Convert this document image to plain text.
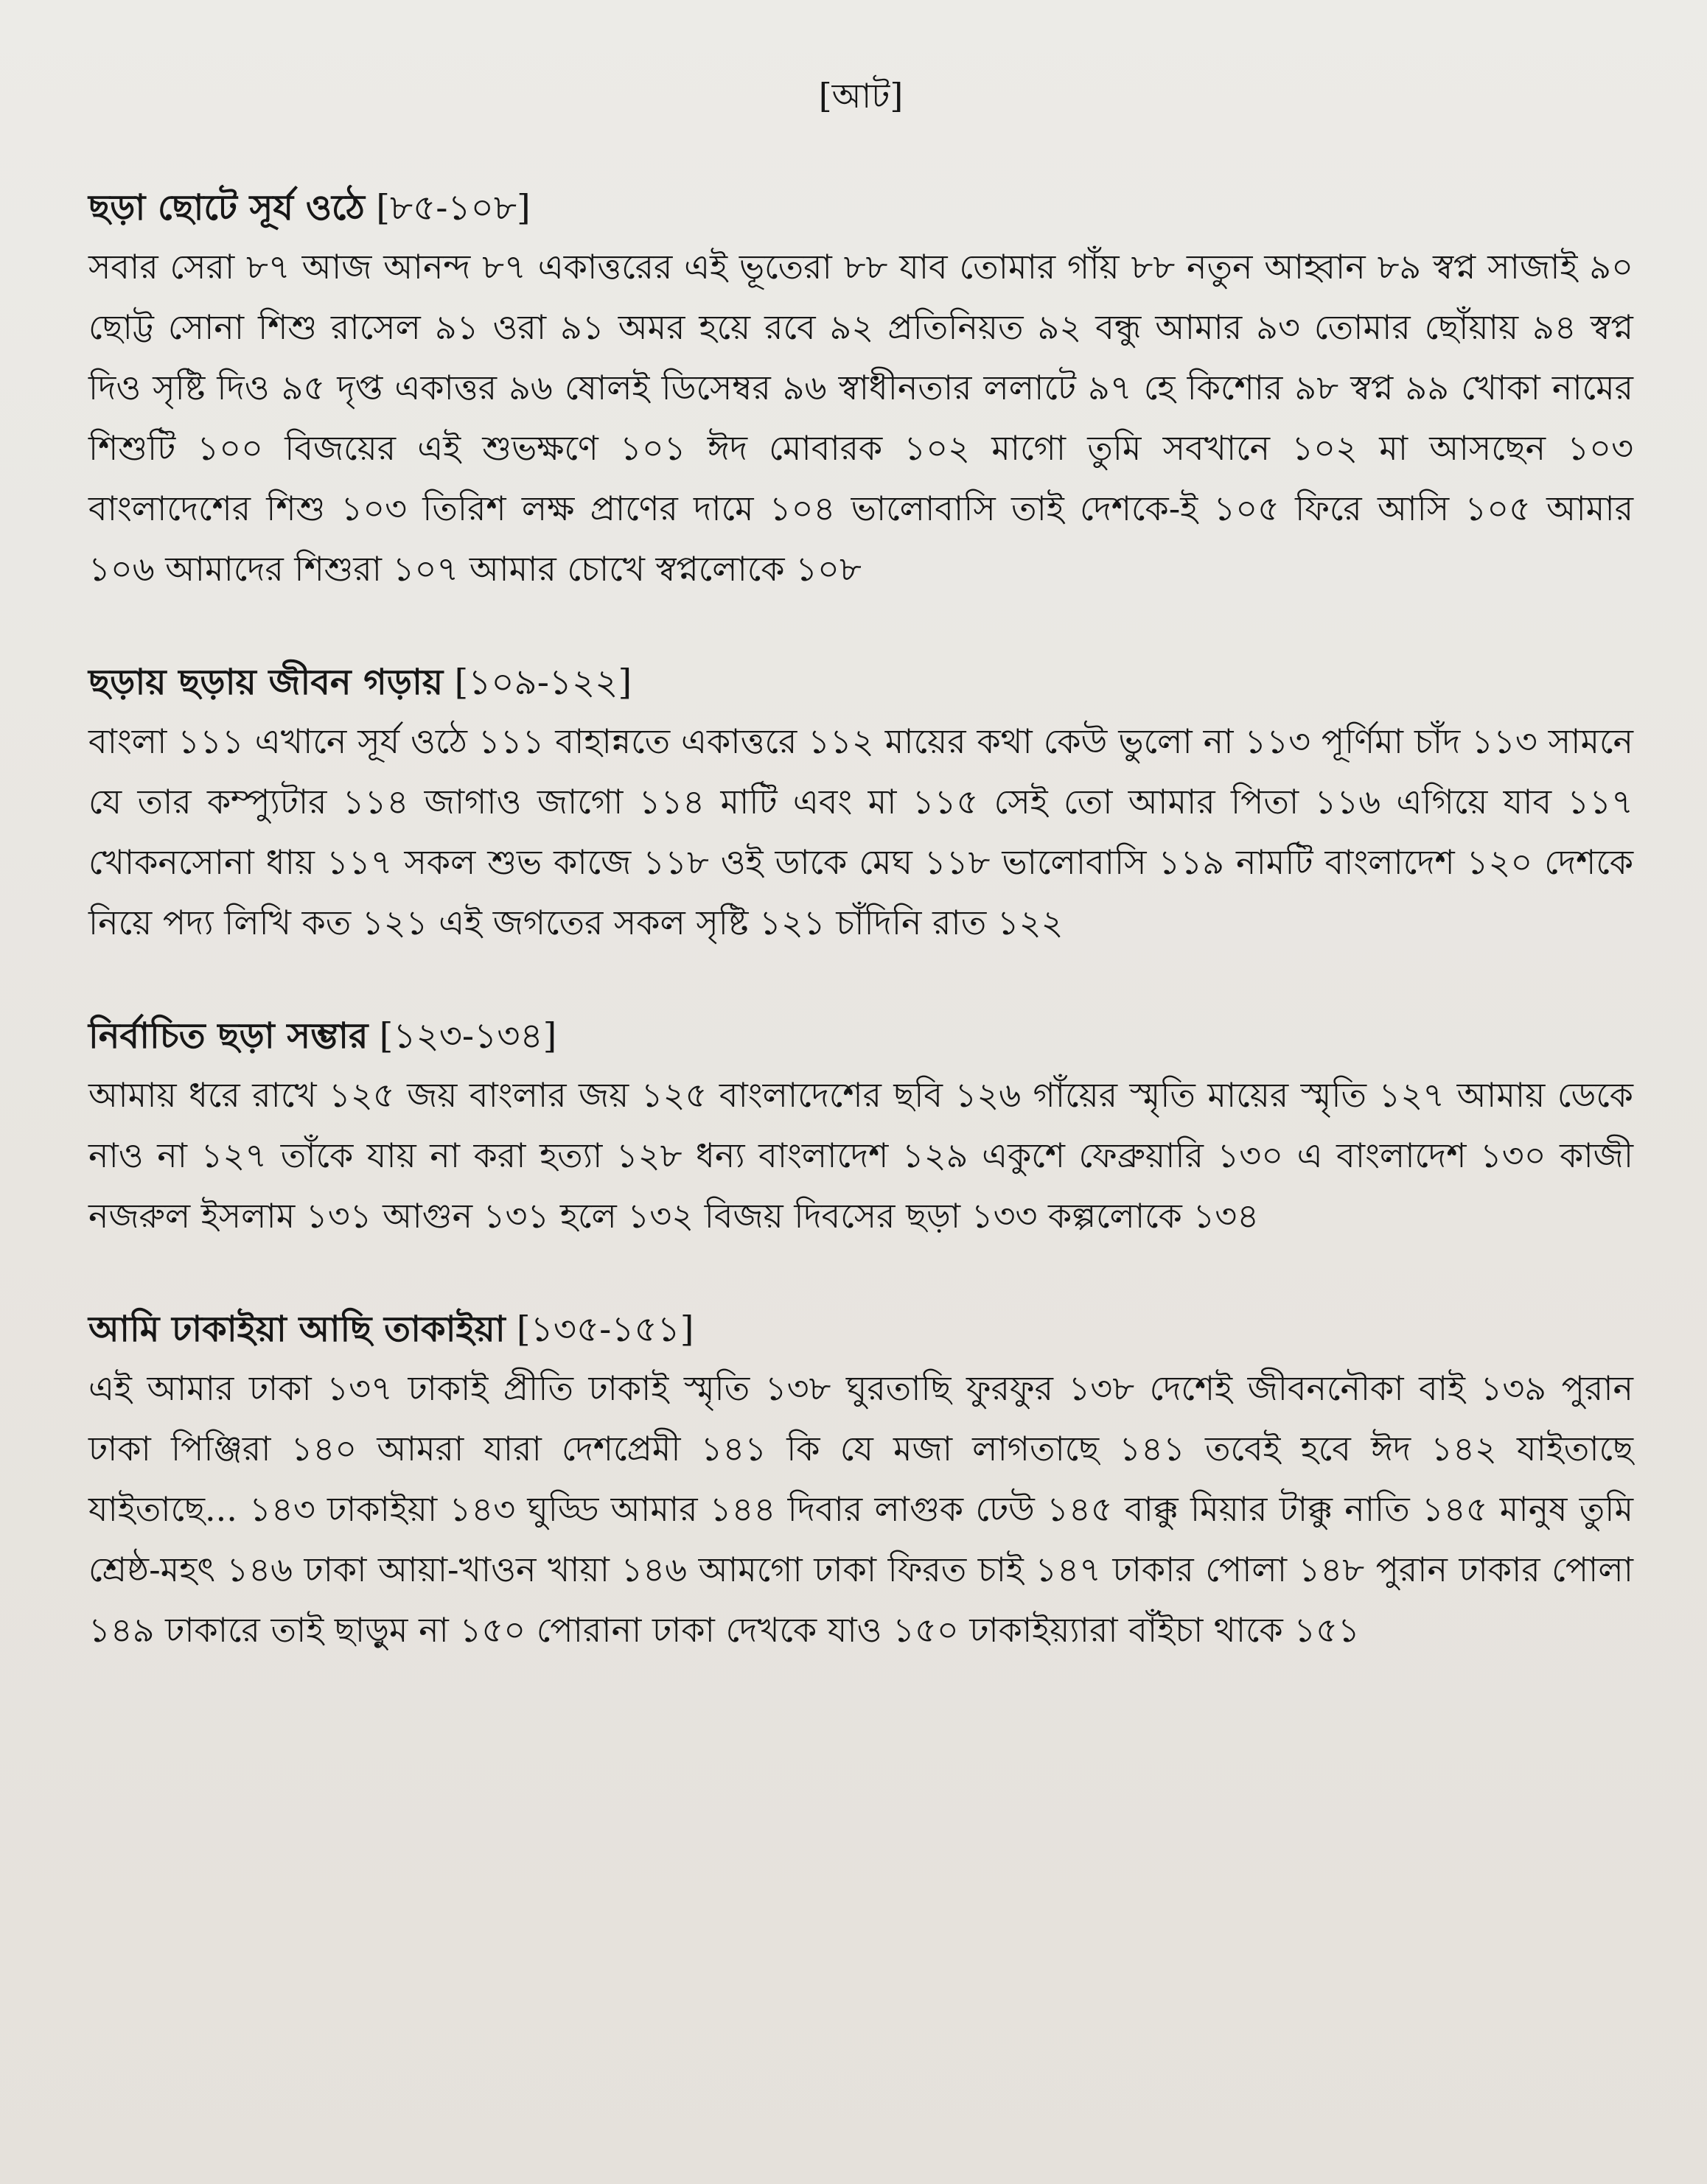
[আট]

ছড়া ছোটে সূর্য ওঠে [৮৫-১০৮]

সবার সেরা ৮৭ আজ আনন্দ ৮৭ একাত্তরের এই ভূতেরা ৮৮ যাব তোমার গাঁয় ৮৮ নতুন আহ্বান ৮৯ স্বপ্ন সাজাই ৯০ ছোট্ট সোনা শিশু রাসেল ৯১ ওরা ৯১ অমর হয়ে রবে ৯২ প্রতিনিয়ত ৯২ বন্ধু আমার ৯৩ তোমার ছোঁয়ায় ৯৪ স্বপ্ন দিও সৃষ্টি দিও ৯৫ দৃপ্ত একাত্তর ৯৬ ষোলই ডিসেম্বর ৯৬ স্বাধীনতার ললাটে ৯৭ হে কিশোর ৯৮ স্বপ্ন ৯৯ খোকা নামের শিশুটি ১০০ বিজয়ের এই শুভক্ষণে ১০১ ঈদ মোবারক ১০২ মাগো তুমি সবখানে ১০২ মা আসছেন ১০৩ বাংলাদেশের শিশু ১০৩ তিরিশ লক্ষ প্রাণের দামে ১০৪ ভালোবাসি তাই দেশকে-ই ১০৫ ফিরে আসি ১০৫ আমার ১০৬ আমাদের শিশুরা ১০৭ আমার চোখে স্বপ্নলোকে ১০৮

ছড়ায় ছড়ায় জীবন গড়ায় [১০৯-১২২]

বাংলা ১১১ এখানে সূর্য ওঠে ১১১ বাহান্নতে একাত্তরে ১১২ মায়ের কথা কেউ ভুলো না ১১৩ পূর্ণিমা চাঁদ ১১৩ সামনে যে তার কম্প্যুটার ১১৪ জাগাও জাগো ১১৪ মাটি এবং মা ১১৫ সেই তো আমার পিতা ১১৬ এগিয়ে যাব ১১৭ খোকনসোনা ধায় ১১৭ সকল শুভ কাজে ১১৮ ওই ডাকে মেঘ ১১৮ ভালোবাসি ১১৯ নামটি বাংলাদেশ ১২০ দেশকে নিয়ে পদ্য লিখি কত ১২১ এই জগতের সকল সৃষ্টি ১২১ চাঁদিনি রাত ১২২

নির্বাচিত ছড়া সম্ভার [১২৩-১৩৪]

আমায় ধরে রাখে ১২৫ জয় বাংলার জয় ১২৫ বাংলাদেশের ছবি ১২৬ গাঁয়ের স্মৃতি মায়ের স্মৃতি ১২৭ আমায় ডেকে নাও না ১২৭ তাঁকে যায় না করা হত্যা ১২৮ ধন্য বাংলাদেশ ১২৯ একুশে ফেব্রুয়ারি ১৩০ এ বাংলাদেশ ১৩০ কাজী নজরুল ইসলাম ১৩১ আগুন ১৩১ হলে ১৩২ বিজয় দিবসের ছড়া ১৩৩ কল্পলোকে ১৩৪

আমি ঢাকাইয়া আছি তাকাইয়া [১৩৫-১৫১]

এই আমার ঢাকা ১৩৭ ঢাকাই প্রীতি ঢাকাই স্মৃতি ১৩৮ ঘুরতাছি ফুরফুর ১৩৮ দেশেই জীবননৌকা বাই ১৩৯ পুরান ঢাকা পিঞ্জিরা ১৪০ আমরা যারা দেশপ্রেমী ১৪১ কি যে মজা লাগতাছে ১৪১ তবেই হবে ঈদ ১৪২ যাইতাছে যাইতাছে... ১৪৩ ঢাকাইয়া ১৪৩ ঘুড্ডি আমার ১৪৪ দিবার লাগুক ঢেউ ১৪৫ বাক্কু মিয়ার টাক্কু নাতি ১৪৫ মানুষ তুমি শ্রেষ্ঠ-মহৎ ১৪৬ ঢাকা আয়া-খাওন খায়া ১৪৬ আমগো ঢাকা ফিরত চাই ১৪৭ ঢাকার পোলা ১৪৮ পুরান ঢাকার পোলা ১৪৯ ঢাকারে তাই ছাড়ুম না ১৫০ পোরানা ঢাকা দেখকে যাও ১৫০ ঢাকাইয়্যারা বাঁইচা থাকে ১৫১
